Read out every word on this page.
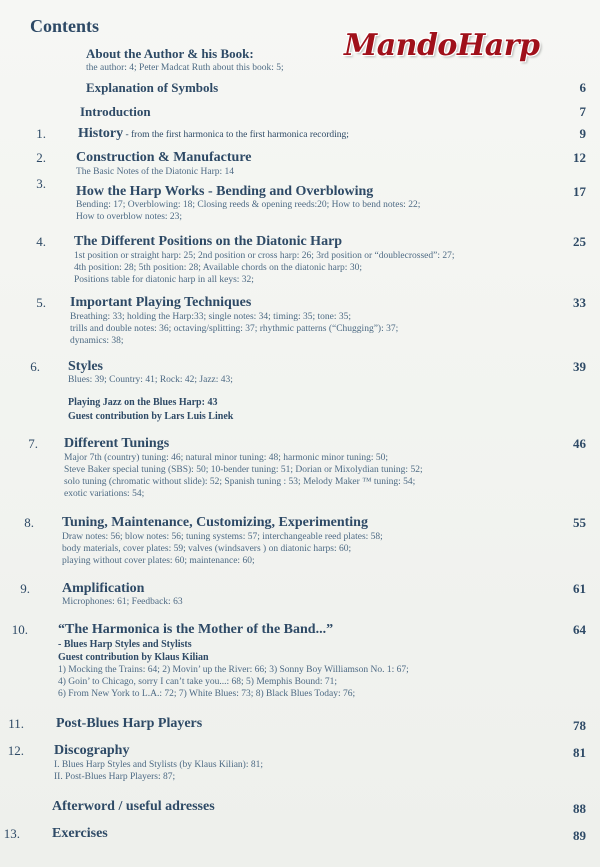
Contents
MandoHarp
About the Author & his Book:
the author: 4; Peter Madcat Ruth about this book: 5;
Explanation of Symbols	6
Introduction	7
1. History - from the first harmonica to the first harmonica recording;	9
2. Construction & Manufacture	12
The Basic Notes of the Diatonic Harp: 14
3.
How the Harp Works - Bending and Overblowing	17
Bending: 17; Overblowing: 18; Closing reeds & opening reeds:20; How to bend notes: 22;
How to overblow notes: 23;
4. The Different Positions on the Diatonic Harp	25
1st position or straight harp: 25; 2nd position or cross harp: 26; 3rd position or “doublecrossed”: 27;
4th position: 28; 5th position: 28; Available chords on the diatonic harp: 30;
Positions table for diatonic harp in all keys: 32;
5. Important Playing Techniques	33
Breathing: 33; holding the Harp:33; single notes: 34; timing: 35; tone: 35;
trills and double notes: 36; octaving/splitting: 37; rhythmic patterns (“Chugging”): 37;
dynamics: 38;
6. Styles	39
Blues: 39; Country: 41; Rock: 42; Jazz: 43;
Playing Jazz on the Blues Harp: 43
Guest contribution by Lars Luis Linek
7. Different Tunings	46
Major 7th (country) tuning: 46; natural minor tuning: 48; harmonic minor tuning: 50;
Steve Baker special tuning (SBS): 50; 10-bender tuning: 51; Dorian or Mixolydian tuning: 52;
solo tuning (chromatic without slide): 52; Spanish tuning : 53; Melody Maker ™ tuning: 54;
exotic variations: 54;
8. Tuning, Maintenance, Customizing, Experimenting	55
Draw notes: 56; blow notes: 56; tuning systems: 57; interchangeable reed plates: 58;
body materials, cover plates: 59; valves (windsavers ) on diatonic harps: 60;
playing without cover plates: 60; maintenance: 60;
9. Amplification	61
Microphones: 61; Feedback: 63
10. “The Harmonica is the Mother of the Band...”	64
- Blues Harp Styles and Stylists
Guest contribution by Klaus Kilian
1) Mocking the Trains: 64; 2) Movin’ up the River: 66; 3) Sonny Boy Williamson No. 1: 67;
4) Goin’ to Chicago, sorry I can’t take you...: 68; 5) Memphis Bound: 71;
6) From New York to L.A.: 72; 7) White Blues: 73; 8) Black Blues Today: 76;
11. Post-Blues Harp Players	78
12. Discography	81
I. Blues Harp Styles and Stylists (by Klaus Kilian): 81;
II. Post-Blues Harp Players: 87;
Afterword / useful adresses	88
13. Exercises	89
